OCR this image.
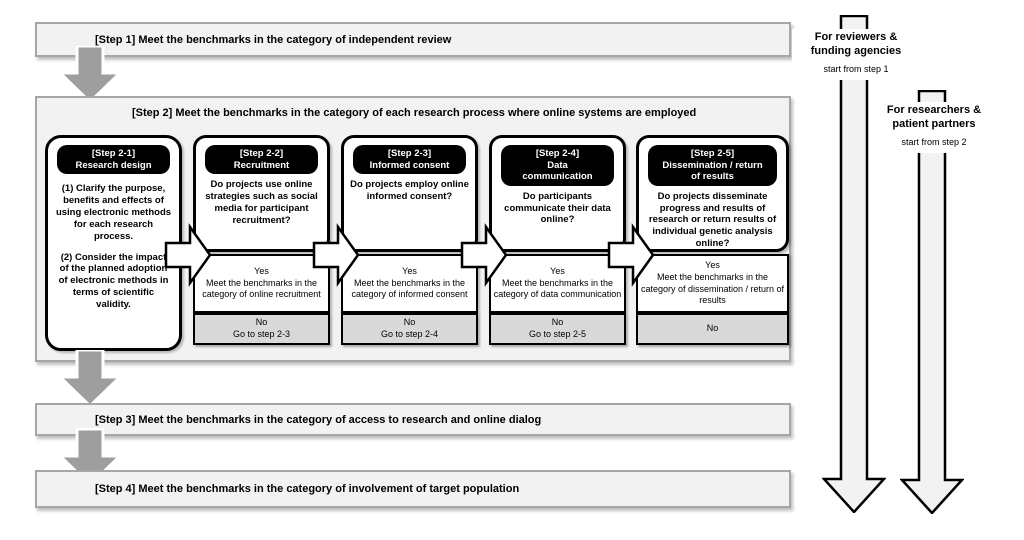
[Step 1] Meet the benchmarks in the category of independent review
[Step 2] Meet the benchmarks in the category of each research process where online systems are employed
[Step 2-1]
Research design
(1) Clarify the purpose, benefits and effects of using electronic methods for each research process.
(2) Consider the impact of the planned adoption of electronic methods in terms of scientific validity.
[Step 2-2]
Recruitment
Do projects use online strategies such as social media for participant recruitment?
Yes
Meet the benchmarks in the category of online recruitment
No
Go to step 2-3
[Step 2-3]
Informed consent
Do projects employ online informed consent?
Yes
Meet the benchmarks in the category of informed consent
No
Go to step 2-4
[Step 2-4]
Data
communication
Do participants communicate their data online?
Yes
Meet the benchmarks in the category of data communication
No
Go to step 2-5
[Step 2-5]
Dissemination / return
of results
Do projects disseminate progress and results of research or return results of individual genetic analysis online?
Yes
Meet the benchmarks in the category of dissemination / return of results
No
[Step 3] Meet the benchmarks in the category of access to research and online dialog
[Step 4] Meet the benchmarks in the category of involvement of target population
For reviewers &
funding agencies
start from step 1
For researchers &
patient partners
start from step 2
